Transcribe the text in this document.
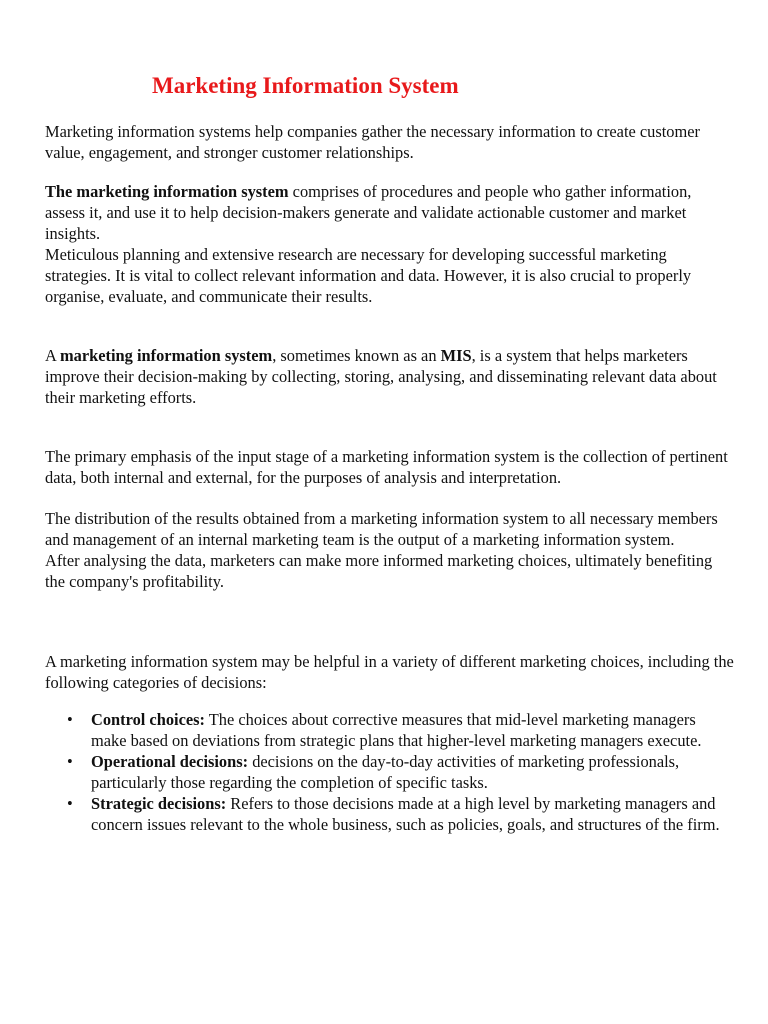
Marketing Information System

Marketing information systems help companies gather the necessary information to create customer value, engagement, and stronger customer relationships.

The marketing information system comprises of procedures and people who gather information, assess it, and use it to help decision-makers generate and validate actionable customer and market insights.
Meticulous planning and extensive research are necessary for developing successful marketing strategies. It is vital to collect relevant information and data. However, it is also crucial to properly organise, evaluate, and communicate their results.

A marketing information system, sometimes known as an MIS, is a system that helps marketers improve their decision-making by collecting, storing, analysing, and disseminating relevant data about their marketing efforts.

The primary emphasis of the input stage of a marketing information system is the collection of pertinent data, both internal and external, for the purposes of analysis and interpretation.

The distribution of the results obtained from a marketing information system to all necessary members and management of an internal marketing team is the output of a marketing information system.
After analysing the data, marketers can make more informed marketing choices, ultimately benefiting the company's profitability.

A marketing information system may be helpful in a variety of different marketing choices, including the following categories of decisions:

• Control choices: The choices about corrective measures that mid-level marketing managers make based on deviations from strategic plans that higher-level marketing managers execute.
• Operational decisions: decisions on the day-to-day activities of marketing professionals, particularly those regarding the completion of specific tasks.
• Strategic decisions: Refers to those decisions made at a high level by marketing managers and concern issues relevant to the whole business, such as policies, goals, and structures of the firm.
